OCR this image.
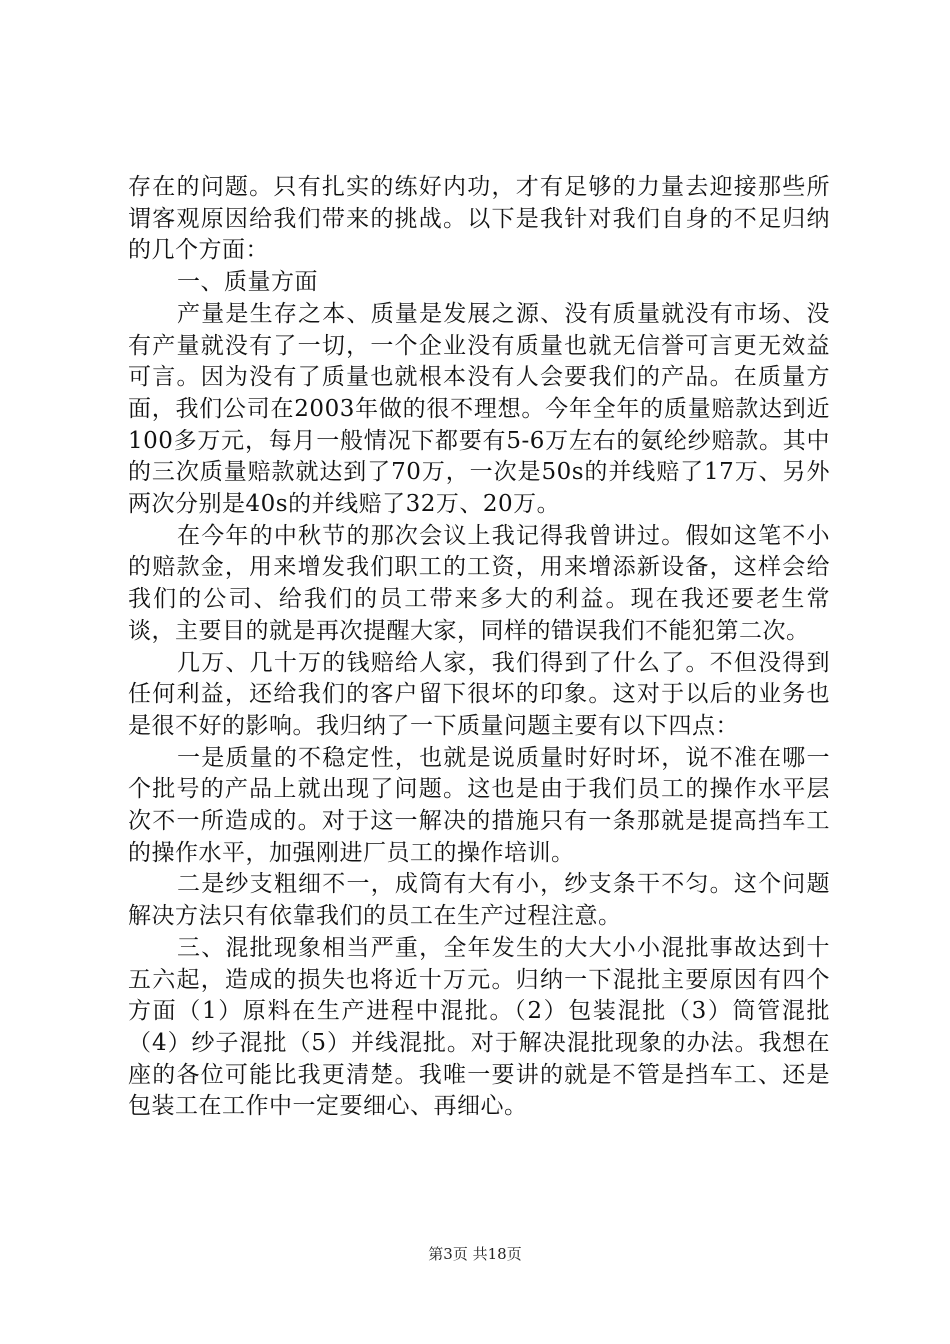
存在的问题。只有扎实的练好内功，才有足够的力量去迎接那些所谓客观原因给我们带来的挑战。以下是我针对我们自身的不足归纳的几个方面：

一、质量方面

产量是生存之本、质量是发展之源、没有质量就没有市场、没有产量就没有了一切，一个企业没有质量也就无信誉可言更无效益可言。因为没有了质量也就根本没有人会要我们的产品。在质量方面，我们公司在2003年做的很不理想。今年全年的质量赔款达到近100多万元，每月一般情况下都要有5-6万左右的氨纶纱赔款。其中的三次质量赔款就达到了70万，一次是50s的并线赔了17万、另外两次分别是40s的并线赔了32万、20万。

在今年的中秋节的那次会议上我记得我曾讲过。假如这笔不小的赔款金，用来增发我们职工的工资，用来增添新设备，这样会给我们的公司、给我们的员工带来多大的利益。现在我还要老生常谈，主要目的就是再次提醒大家，同样的错误我们不能犯第二次。

几万、几十万的钱赔给人家，我们得到了什么了。不但没得到任何利益，还给我们的客户留下很坏的印象。这对于以后的业务也是很不好的影响。我归纳了一下质量问题主要有以下四点：

一是质量的不稳定性，也就是说质量时好时坏，说不准在哪一个批号的产品上就出现了问题。这也是由于我们员工的操作水平层次不一所造成的。对于这一解决的措施只有一条那就是提高挡车工的操作水平，加强刚进厂员工的操作培训。

二是纱支粗细不一，成筒有大有小，纱支条干不匀。这个问题解决方法只有依靠我们的员工在生产过程注意。

三、混批现象相当严重，全年发生的大大小小混批事故达到十五六起，造成的损失也将近十万元。归纳一下混批主要原因有四个方面（1）原料在生产进程中混批。（2）包装混批（3）筒管混批（4）纱子混批（5）并线混批。对于解决混批现象的办法。我想在座的各位可能比我更清楚。我唯一要讲的就是不管是挡车工、还是包装工在工作中一定要细心、再细心。

第3页 共18页
